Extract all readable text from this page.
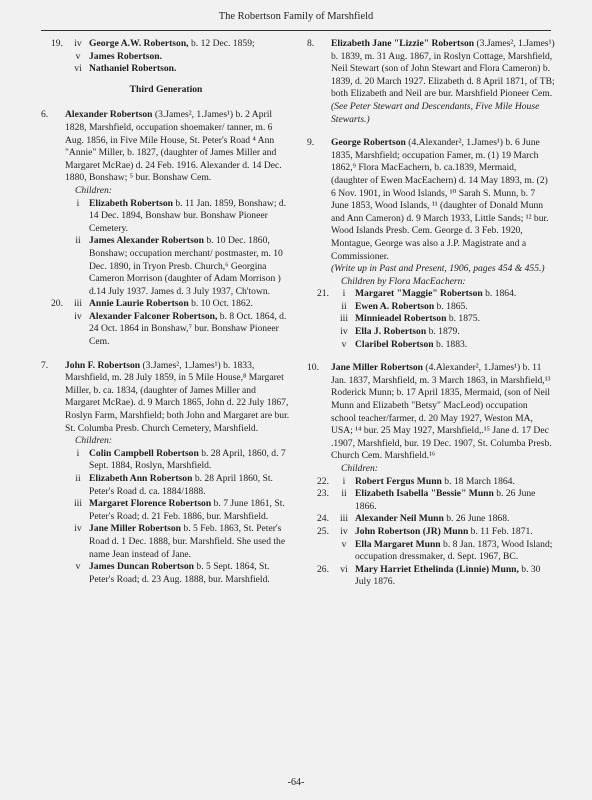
The Robertson Family of Marshfield
19.	iv George A.W. Robertson, b. 12 Dec. 1859;
v James Robertson.
vi Nathaniel Robertson.
Third Generation
6.	Alexander Robertson (3.James², 1.James¹) b. 2 April 1828, Marshfield, occupation shoemaker/ tanner, m. 6 Aug. 1856, in Five Mile House, St. Peter's Road ⁴ Ann "Annie" Miller, b. 1827, (daughter of James Miller and Margaret McRae) d. 24 Feb. 1916. Alexander d. 14 Dec. 1880, Bonshaw; ⁵ bur. Bonshaw Cem.
Children:
i	Elizabeth Robertson b. 11 Jan. 1859, Bonshaw; d. 14 Dec. 1894, Bonshaw bur. Bonshaw Pioneer Cemetery.
ii James Alexander Robertson b. 10 Dec. 1860, Bonshaw; occupation merchant/ postmaster, m. 10 Dec. 1890, in Tryon Presb. Church,⁶ Georgina Cameron Morrison (daughter of Adam Morrison ) d.14 July 1937. James d. 3 July 1937, Ch'town.
20.	iii Annie Laurie Robertson b. 10 Oct. 1862.
iv Alexander Falconer Robertson, b. 8 Oct. 1864, d. 24 Oct. 1864 in Bonshaw,⁷ bur. Bonshaw Pioneer Cem.
7.	John F. Robertson (3.James², 1.James¹) b. 1833, Marshfield, m. 28 July 1859, in 5 Mile House,⁸ Margaret Miller, b. ca. 1834, (daughter of James Miller and Margaret McRae). d. 9 March 1865, John d. 22 July 1867, Roslyn Farm, Marshfield; both John and Margaret are bur. St. Columba Presb. Church Cemetery, Marshfield.
Children:
i	Colin Campbell Robertson b. 28 April, 1860, d. 7 Sept. 1884, Roslyn, Marshfield.
ii Elizabeth Ann Robertson b. 28 April 1860, St. Peter's Road d. ca. 1884/1888.
iii Margaret Florence Robertson b. 7 June 1861, St. Peter's Road; d. 21 Feb. 1886, bur. Marshfield.
iv Jane Miller Robertson b. 5 Feb. 1863, St. Peter's Road d. 1 Dec. 1888, bur. Marshfield. She used the name Jean instead of Jane.
v James Duncan Robertson b. 5 Sept. 1864, St. Peter's Road; d. 23 Aug. 1888, bur. Marshfield.
8.	Elizabeth Jane "Lizzie" Robertson (3.James², 1.James¹) b. 1839, m. 31 Aug. 1867, in Roslyn Cottage, Marshfield, Neil Stewart (son of John Stewart and Flora Cameron) b. 1839, d. 20 March 1927. Elizabeth d. 8 April 1871, of TB; both Elizabeth and Neil are bur. Marshfield Pioneer Cem.
(See Peter Stewart and Descendants, Five Mile House Stewarts.)
9.	George Robertson (4.Alexander², 1.James¹) b. 6 June 1835, Marshfield; occupation Famer, m. (1) 19 March 1862,⁹ Flora MacEachern, b. ca.1839, Mermaid, (daughter of Ewen MacEachern) d. 14 May 1893, m. (2) 6 Nov. 1901, in Wood Islands, ¹⁰ Sarah S. Munn, b. 7 June 1853, Wood Islands, ¹¹ (daughter of Donald Munn and Ann Cameron) d. 9 March 1933, Little Sands; ¹² bur. Wood Islands Presb. Cem. George d. 3 Feb. 1920, Montague, George was also a J.P. Magistrate and a Commissioner.
(Write up in Past and Present, 1906, pages 454 & 455.)
Children by Flora MacEachern:
21.	i	Margaret "Maggie" Robertson b. 1864.
ii Ewen A. Robertson b. 1865.
iii Minnieadel Robertson b. 1875.
iv Ella J. Robertson b. 1879.
v Claribel Robertson b. 1883.
10.	Jane Miller Robertson (4.Alexander², 1.James¹) b. 11 Jan. 1837, Marshfield, m. 3 March 1863, in Marshfield,¹³ Roderick Munn; b. 17 April 1835, Mermaid, (son of Neil Munn and Elizabeth "Betsy" MacLeod) occupation school teacher/farmer, d. 20 May 1927, Weston MA, USA; ¹⁴ bur. 25 May 1927, Marshfield,.¹⁵ Jane d. 17 Dec .1907, Marshfield, bur. 19 Dec. 1907, St. Columba Presb. Church Cem. Marshfield.¹⁶
Children:
22.	i	Robert Fergus Munn b. 18 March 1864.
23.	ii Elizabeth Isabella "Bessie" Munn b. 26 June 1866.
24.	iii Alexander Neil Munn b. 26 June 1868.
25.	iv John Robertson (JR) Munn b. 11 Feb. 1871.
v Ella Margaret Munn b. 8 Jan. 1873, Wood Island; occupation dressmaker, d. Sept. 1967, BC.
26.	vi Mary Harriet Ethelinda (Linnie) Munn, b. 30 July 1876.
-64-
